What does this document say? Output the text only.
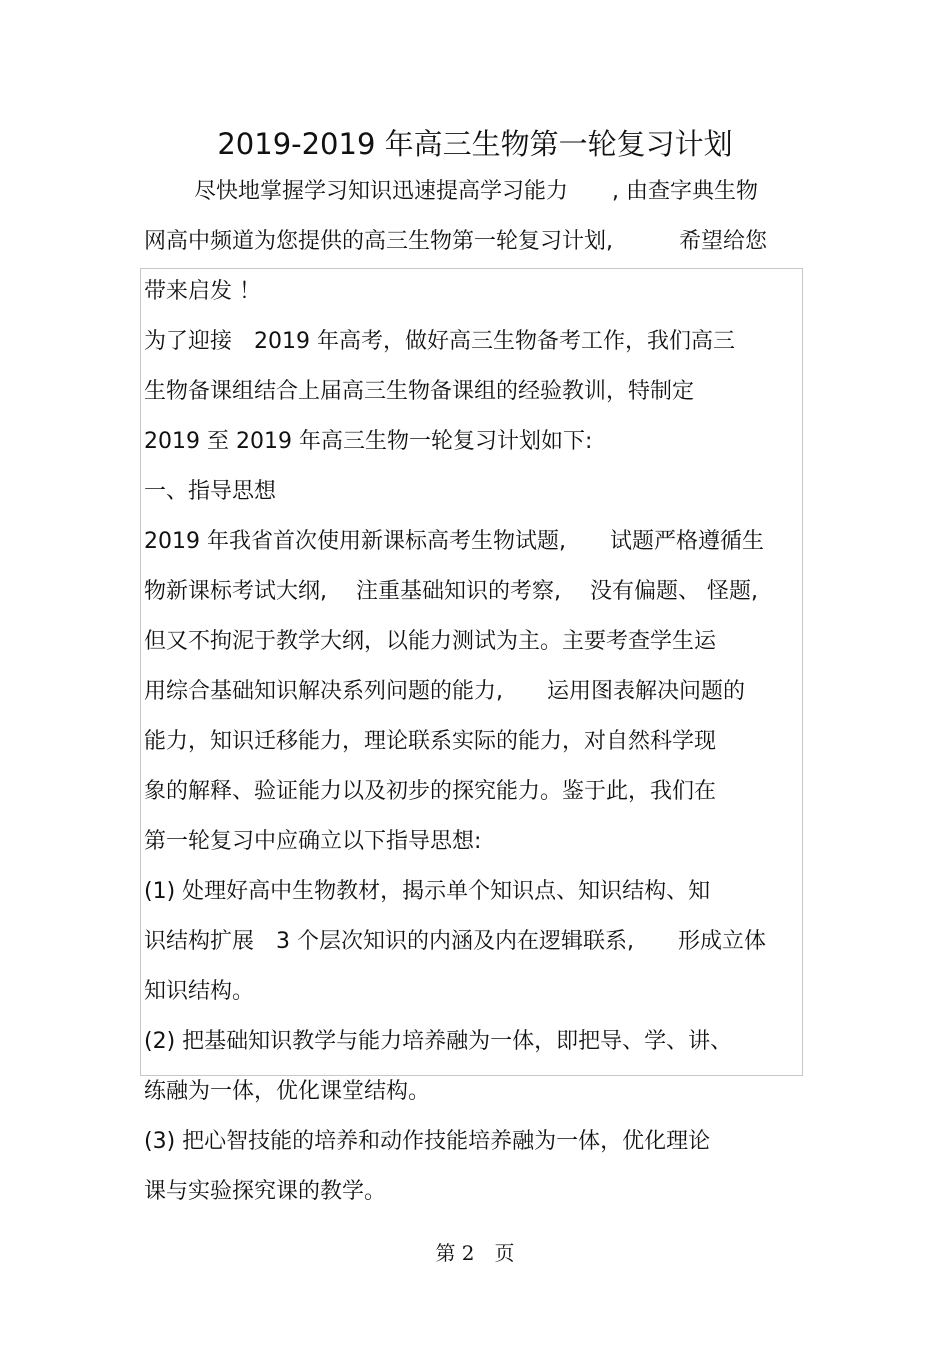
2019-2019 年高三生物第一轮复习计划
尽快地掌握学习知识迅速提高学习能力　　, 由查字典生物
网高中频道为您提供的高三生物第一轮复习计划,　　　希望给您
带来启发 ！
为了迎接　2019 年高考，做好高三生物备考工作，我们高三
生物备课组结合上届高三生物备课组的经验教训，特制定
2019 至 2019 年高三生物一轮复习计划如下:
一、指导思想
2019 年我省首次使用新课标高考生物试题,　　试题严格遵循生
物新课标考试大纲,　 注重基础知识的考察,　 没有偏题、 怪题,
但又不拘泥于教学大纲，以能力测试为主。主要考查学生运
用综合基础知识解决系列问题的能力,　　运用图表解决问题的
能力，知识迁移能力，理论联系实际的能力，对自然科学现
象的解释、验证能力以及初步的探究能力。鉴于此，我们在
第一轮复习中应确立以下指导思想:
(1) 处理好高中生物教材，揭示单个知识点、知识结构、知
识结构扩展　3 个层次知识的内涵及内在逻辑联系,　　形成立体
知识结构。
(2) 把基础知识教学与能力培养融为一体，即把导、学、讲、
练融为一体，优化课堂结构。
(3) 把心智技能的培养和动作技能培养融为一体，优化理论
课与实验探究课的教学。
第 2　页
